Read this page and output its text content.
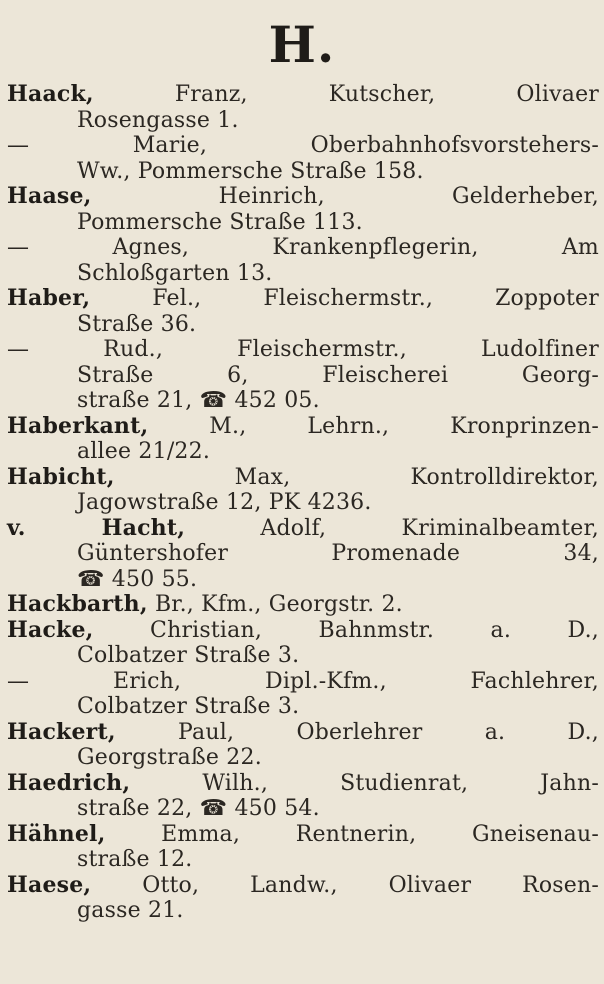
H.
Haack,	Franz, Kutscher, Olivaer
Rosengasse 1.
— Marie, Oberbahnhofsvorstehers-
Ww., Pommersche Straße 158.
Haase,	Heinrich, Gelderheber,
Pommersche Straße 113.
— Agnes, Krankenpflegerin, Am
Schloßgarten 13.
Haber,	Fel., Fleischermstr., Zoppoter
Straße 36.
— Rud., Fleischermstr., Ludolfiner
Straße 6, Fleischerei Georg-
straße 21, ☎ 452 05.
Haberkant,	M., Lehrn., Kronprinzen-
allee 21/22.
Habicht,	Max, Kontrolldirektor,
Jagowstraße 12, PK 4236.
v. Hacht,	Adolf, Kriminalbeamter,
Güntershofer Promenade 34,
☎ 450 55.
Hackbarth, Br., Kfm., Georgstr. 2.
Hacke,	Christian, Bahnmstr. a. D.,
Colbatzer Straße 3.
— Erich, Dipl.-Kfm., Fachlehrer,
Colbatzer Straße 3.
Hackert,	Paul, Oberlehrer a. D.,
Georgstraße 22.
Haedrich,	Wilh., Studienrat, Jahn-
straße 22, ☎ 450 54.
Hähnel,	Emma, Rentnerin, Gneisenau-
straße 12.
Haese, Otto, Landw., Olivaer Rosen-
gasse 21.
